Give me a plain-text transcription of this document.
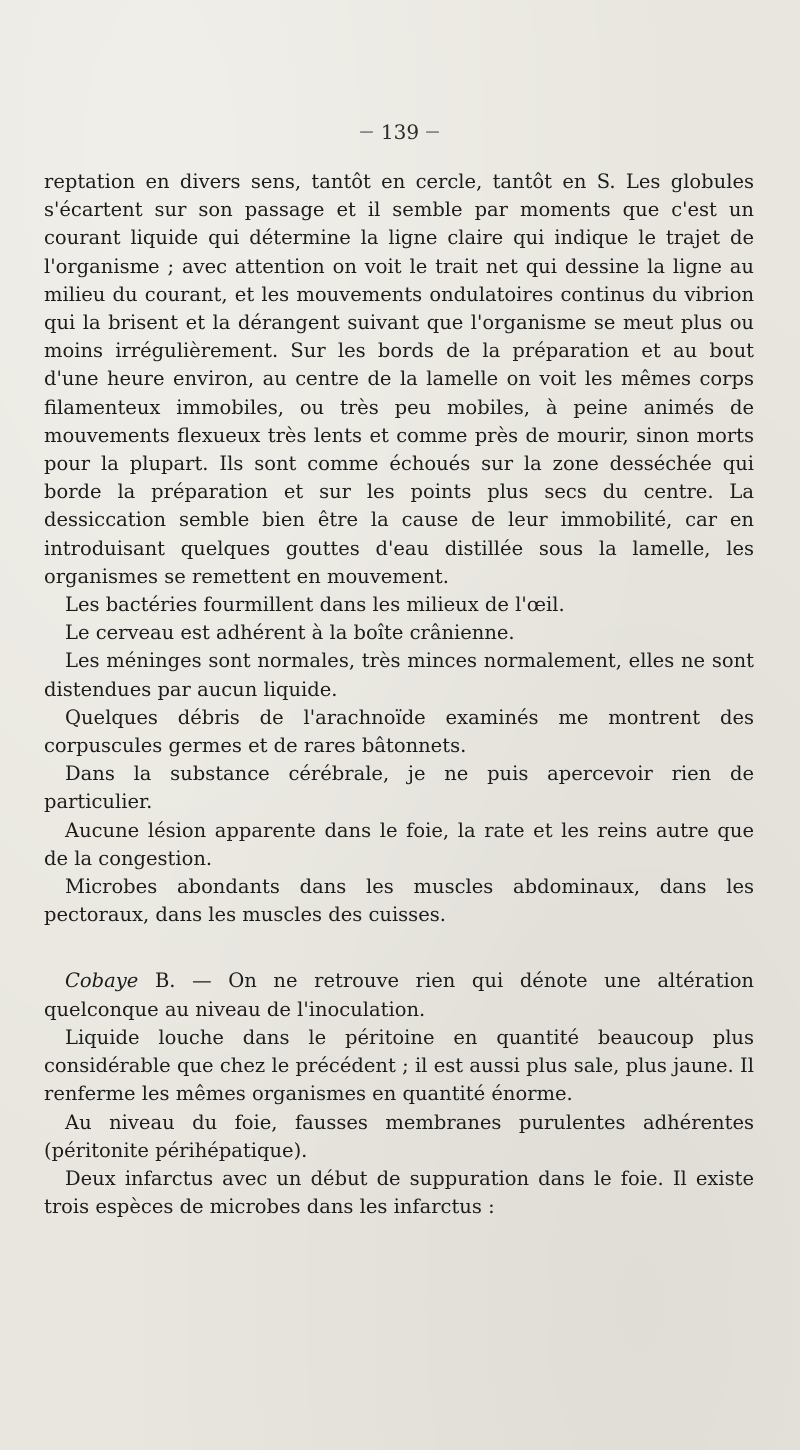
— 139 —

reptation en divers sens, tantôt en cercle, tantôt en S. Les globules s'écartent sur son passage et il semble par moments que c'est un courant liquide qui détermine la ligne claire qui indique le trajet de l'organisme ; avec attention on voit le trait net qui dessine la ligne au milieu du courant, et les mouvements ondulatoires continus du vibrion qui la brisent et la dérangent suivant que l'organisme se meut plus ou moins irrégulièrement. Sur les bords de la préparation et au bout d'une heure environ, au centre de la lamelle on voit les mêmes corps filamenteux immobiles, ou très peu mobiles, à peine animés de mouvements flexueux très lents et comme près de mourir, sinon morts pour la plupart. Ils sont comme échoués sur la zone desséchée qui borde la préparation et sur les points plus secs du centre. La dessiccation semble bien être la cause de leur immobilité, car en introduisant quelques gouttes d'eau distillée sous la lamelle, les organismes se remettent en mouvement.

Les bactéries fourmillent dans les milieux de l'œil.

Le cerveau est adhérent à la boîte crânienne.

Les méninges sont normales, très minces normalement, elles ne sont distendues par aucun liquide.

Quelques débris de l'arachnoïde examinés me montrent des corpuscules germes et de rares bâtonnets.

Dans la substance cérébrale, je ne puis apercevoir rien de particulier.

Aucune lésion apparente dans le foie, la rate et les reins autre que de la congestion.

Microbes abondants dans les muscles abdominaux, dans les pectoraux, dans les muscles des cuisses.

Cobaye B. — On ne retrouve rien qui dénote une altération quelconque au niveau de l'inoculation.

Liquide louche dans le péritoine en quantité beaucoup plus considérable que chez le précédent ; il est aussi plus sale, plus jaune. Il renferme les mêmes organismes en quantité énorme.

Au niveau du foie, fausses membranes purulentes adhérentes (péritonite périhépatique).

Deux infarctus avec un début de suppuration dans le foie. Il existe trois espèces de microbes dans les infarctus :
